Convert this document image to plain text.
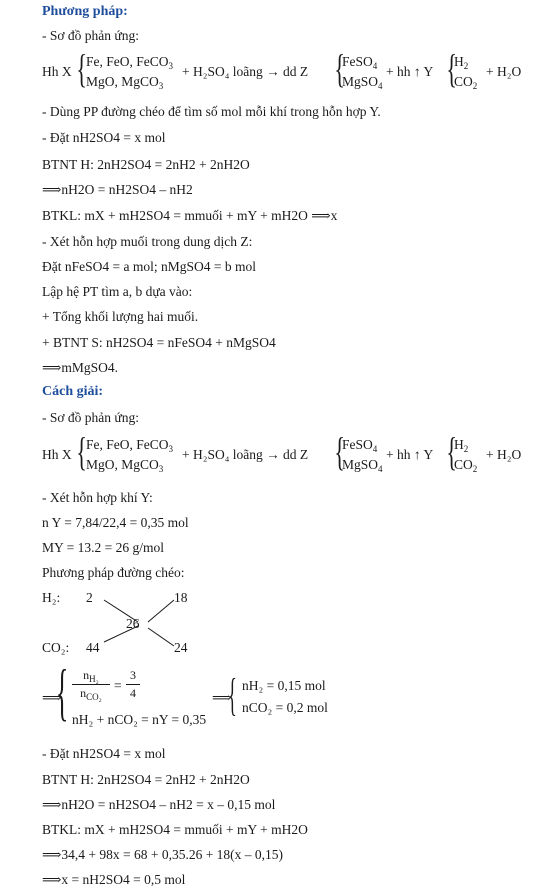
Phương pháp:
- Sơ đồ phản ứng:
Hh X { Fe, FeO, FeCO$_3$
MgO, MgCO$_3$
+ H₂SO₄ loãng → dd Z {
FeSO$_4$
MgSO$_4$
+ hh ↑ Y {
$H_2$
$CO_2$
+ H₂O
- Dùng PP đường chéo để tìm số mol mỗi khí trong hỗn hợp Y.
- Đặt nH2SO4 = x mol
BTNT H: 2nH2SO4 = 2nH2 + 2nH2O
⟹nH2O = nH2SO4 – nH2
BTKL: mX + mH2SO4 = mmuối + mY + mH2O ⟹x
- Xét hỗn hợp muối trong dung dịch Z:
Đặt nFeSO4 = a mol; nMgSO4 = b mol
Lập hệ PT tìm a, b dựa vào:
+ Tổng khối lượng hai muối.
+ BTNT S: nH2SO4 = nFeSO4 + nMgSO4
⟹mMgSO4.
Cách giải:
- Sơ đồ phản ứng:
Hh X { Fe, FeO, FeCO$_3$
MgO, MgCO$_3$
+ H₂SO₄ loãng → dd Z {
FeSO$_4$
MgSO$_4$
+ hh ↑ Y {
$H_2$
$CO_2$
+ H₂O
- Xét hỗn hợp khí Y:
n Y = 7,84/22,4 = 0,35 mol
MY = 13.2 = 26 g/mol
Phương pháp đường chéo:
H₂: 2	18
26
CO₂: 44	24
⟹
{	$n_{H_2}$
$n_{CO_2}$
=
3
4
nH₂ + nCO₂ = nY = 0,35
⟹
{ nH₂ = 0,15 mol
nCO₂ = 0,2 mol
- Đặt nH2SO4 = x mol
BTNT H: 2nH2SO4 = 2nH2 + 2nH2O
⟹nH2O = nH2SO4 – nH2 = x – 0,15 mol
BTKL: mX + mH2SO4 = mmuối + mY + mH2O
⟹34,4 + 98x = 68 + 0,35.26 + 18(x – 0,15)
⟹x = nH2SO4 = 0,5 mol
